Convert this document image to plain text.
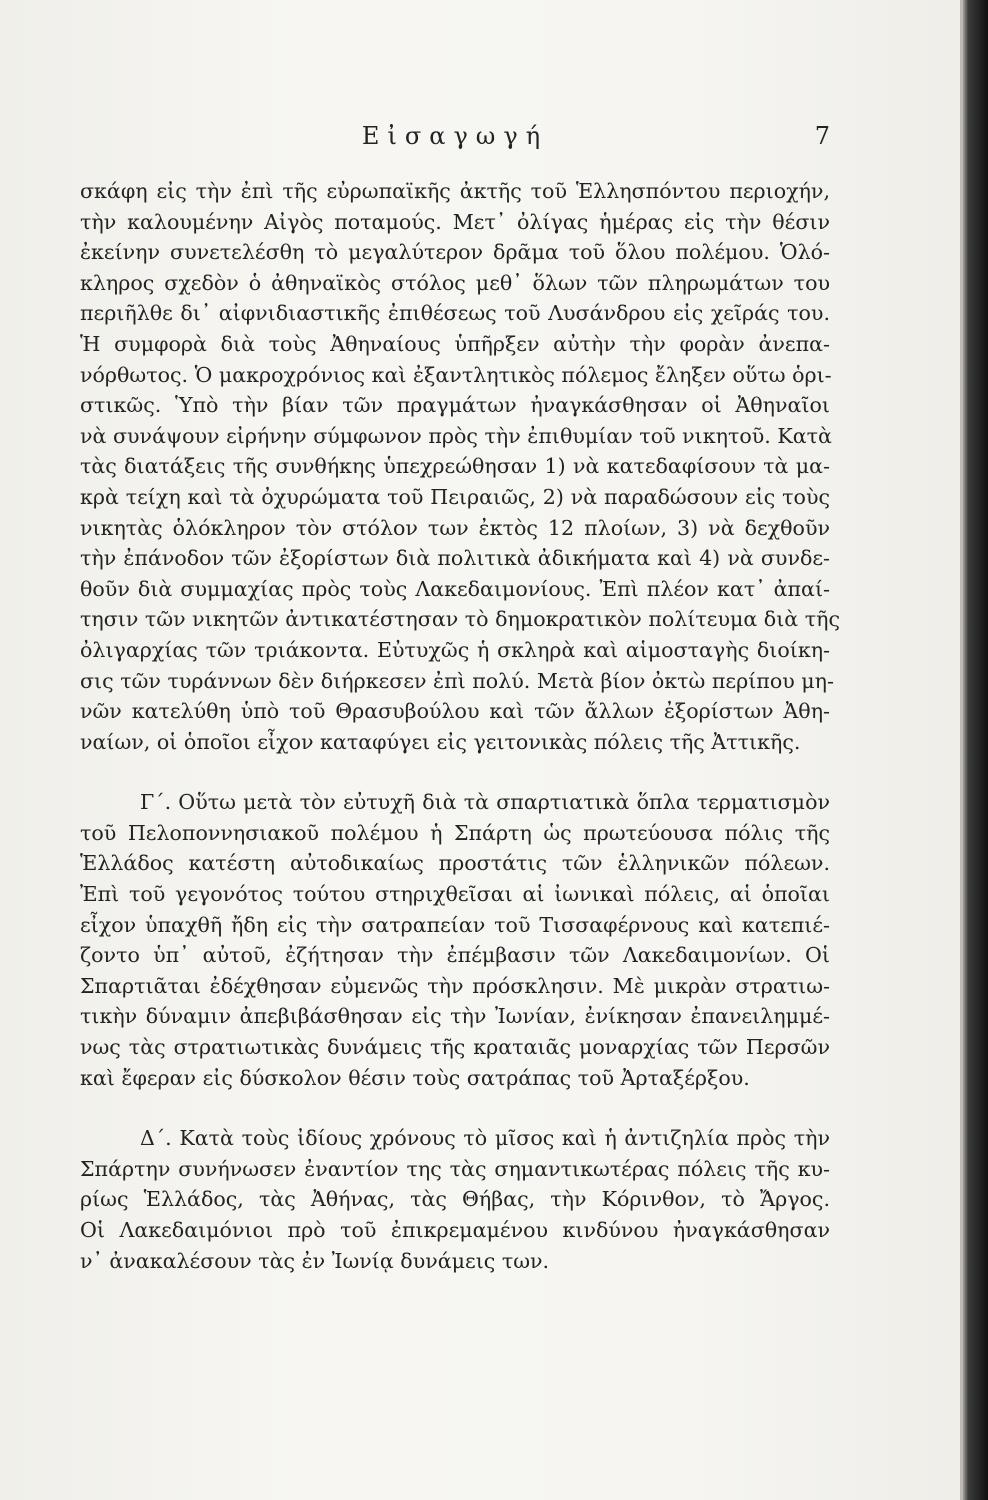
Εἰσαγωγή	7
σκάφη εἰς τὴν ἐπὶ τῆς εὐρωπαϊκῆς ἀκτῆς τοῦ Ἑλλησπόντου περιοχήν,
τὴν καλουμένην Αἰγὸς ποταμούς. Μετ᾽ ὀλίγας ἡμέρας εἰς τὴν θέσιν
ἐκείνην συνετελέσθη τὸ μεγαλύτερον δρᾶμα τοῦ ὅλου πολέμου. Ὁλό-
κληρος σχεδὸν ὁ ἀθηναϊκὸς στόλος μεθ᾽ ὅλων τῶν πληρωμάτων του
περιῆλθε δι᾽ αἰφνιδιαστικῆς ἐπιθέσεως τοῦ Λυσάνδρου εἰς χεῖράς του.
Ἡ συμφορὰ διὰ τοὺς Ἀθηναίους ὑπῆρξεν αὐτὴν τὴν φορὰν ἀνεπα-
νόρθωτος. Ὁ μακροχρόνιος καὶ ἐξαντλητικὸς πόλεμος ἔληξεν οὕτω ὁρι-
στικῶς. Ὑπὸ τὴν βίαν τῶν πραγμάτων ἠναγκάσθησαν οἱ Ἀθηναῖοι
νὰ συνάψουν εἰρήνην σύμφωνον πρὸς τὴν ἐπιθυμίαν τοῦ νικητοῦ. Κατὰ
τὰς διατάξεις τῆς συνθήκης ὑπεχρεώθησαν 1) νὰ κατεδαφίσουν τὰ μα-
κρὰ τείχη καὶ τὰ ὀχυρώματα τοῦ Πειραιῶς, 2) νὰ παραδώσουν εἰς τοὺς
νικητὰς ὁλόκληρον τὸν στόλον των ἐκτὸς 12 πλοίων, 3) νὰ δεχθοῦν
τὴν ἐπάνοδον τῶν ἐξορίστων διὰ πολιτικὰ ἀδικήματα καὶ 4) νὰ συνδε-
θοῦν διὰ συμμαχίας πρὸς τοὺς Λακεδαιμονίους. Ἐπὶ πλέον κατ᾽ ἀπαί-
τησιν τῶν νικητῶν ἀντικατέστησαν τὸ δημοκρατικὸν πολίτευμα διὰ τῆς
ὀλιγαρχίας τῶν τριάκοντα. Εὐτυχῶς ἡ σκληρὰ καὶ αἱμοσταγὴς διοίκη-
σις τῶν τυράννων δὲν διήρκεσεν ἐπὶ πολύ. Μετὰ βίον ὀκτὼ περίπου μη-
νῶν κατελύθη ὑπὸ τοῦ Θρασυβούλου καὶ τῶν ἄλλων ἐξορίστων Ἀθη-
ναίων, οἱ ὁποῖοι εἶχον καταφύγει εἰς γειτονικὰς πόλεις τῆς Ἀττικῆς.
Γ΄. Οὕτω μετὰ τὸν εὐτυχῆ διὰ τὰ σπαρτιατικὰ ὅπλα τερματισμὸν
τοῦ Πελοποννησιακοῦ πολέμου ἡ Σπάρτη ὡς πρωτεύουσα πόλις τῆς
Ἑλλάδος κατέστη αὐτοδικαίως προστάτις τῶν ἑλληνικῶν πόλεων.
Ἐπὶ τοῦ γεγονότος τούτου στηριχθεῖσαι αἱ ἰωνικαὶ πόλεις, αἱ ὁποῖαι
εἶχον ὑπαχθῆ ἤδη εἰς τὴν σατραπείαν τοῦ Τισσαφέρνους καὶ κατεπιέ-
ζοντο ὑπ᾽ αὐτοῦ, ἐζήτησαν τὴν ἐπέμβασιν τῶν Λακεδαιμονίων. Οἱ
Σπαρτιᾶται ἐδέχθησαν εὐμενῶς τὴν πρόσκλησιν. Μὲ μικρὰν στρατιω-
τικὴν δύναμιν ἀπεβιβάσθησαν εἰς τὴν Ἰωνίαν, ἐνίκησαν ἐπανειλημμέ-
νως τὰς στρατιωτικὰς δυνάμεις τῆς κραταιᾶς μοναρχίας τῶν Περσῶν
καὶ ἔφεραν εἰς δύσκολον θέσιν τοὺς σατράπας τοῦ Ἀρταξέρξου.
Δ΄. Κατὰ τοὺς ἰδίους χρόνους τὸ μῖσος καὶ ἡ ἀντιζηλία πρὸς τὴν
Σπάρτην συνήνωσεν ἐναντίον της τὰς σημαντικωτέρας πόλεις τῆς κυ-
ρίως Ἑλλάδος, τὰς Ἀθήνας, τὰς Θήβας, τὴν Κόρινθον, τὸ Ἄργος.
Οἱ Λακεδαιμόνιοι πρὸ τοῦ ἐπικρεμαμένου κινδύνου ἠναγκάσθησαν
ν᾽ ἀνακαλέσουν τὰς ἐν Ἰωνίᾳ δυνάμεις των.
